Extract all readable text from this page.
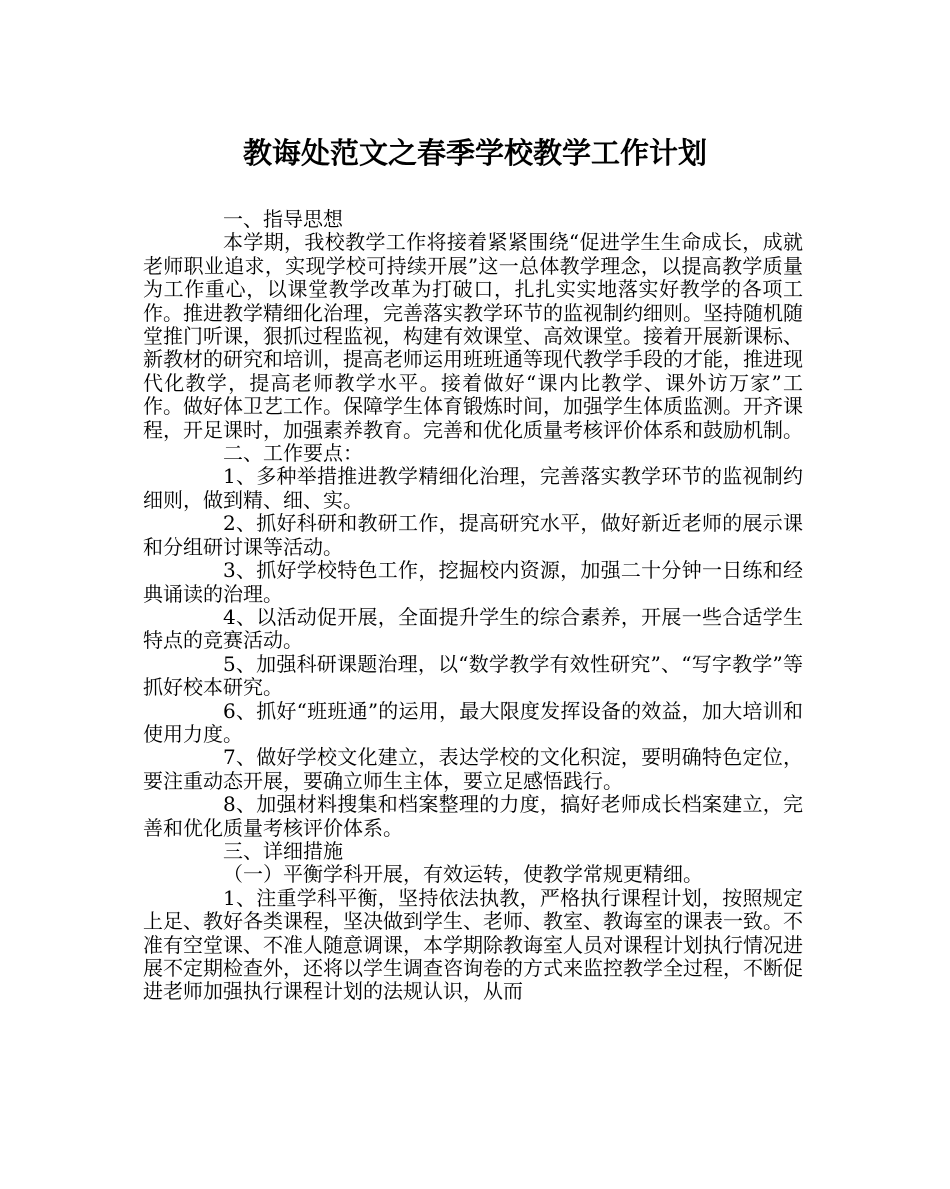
教诲处范文之春季学校教学工作计划

一、指导思想

本学期，我校教学工作将接着紧紧围绕“促进学生生命成长，成就老师职业追求，实现学校可持续开展”这一总体教学理念，以提高教学质量为工作重心，以课堂教学改革为打破口，扎扎实实地落实好教学的各项工作。推进教学精细化治理，完善落实教学环节的监视制约细则。坚持随机随堂推门听课，狠抓过程监视，构建有效课堂、高效课堂。接着开展新课标、新教材的研究和培训，提高老师运用班班通等现代教学手段的才能，推进现代化教学，提高老师教学水平。接着做好“课内比教学、课外访万家”工作。做好体卫艺工作。保障学生体育锻炼时间，加强学生体质监测。开齐课程，开足课时，加强素养教育。完善和优化质量考核评价体系和鼓励机制。

二、工作要点：

1、多种举措推进教学精细化治理，完善落实教学环节的监视制约细则，做到精、细、实。

2、抓好科研和教研工作，提高研究水平，做好新近老师的展示课和分组研讨课等活动。

3、抓好学校特色工作，挖掘校内资源，加强二十分钟一日练和经典诵读的治理。

4、以活动促开展，全面提升学生的综合素养，开展一些合适学生特点的竞赛活动。

5、加强科研课题治理，以“数学教学有效性研究”、“写字教学”等抓好校本研究。

6、抓好“班班通”的运用，最大限度发挥设备的效益，加大培训和使用力度。

7、做好学校文化建立，表达学校的文化积淀，要明确特色定位，要注重动态开展，要确立师生主体，要立足感悟践行。

8、加强材料搜集和档案整理的力度，搞好老师成长档案建立，完善和优化质量考核评价体系。

三、详细措施

（一）平衡学科开展，有效运转，使教学常规更精细。

1、注重学科平衡，坚持依法执教，严格执行课程计划，按照规定上足、教好各类课程，坚决做到学生、老师、教室、教诲室的课表一致。不准有空堂课、不准人随意调课，本学期除教诲室人员对课程计划执行情况进展不定期检查外，还将以学生调查咨询卷的方式来监控教学全过程，不断促进老师加强执行课程计划的法规认识，从而
